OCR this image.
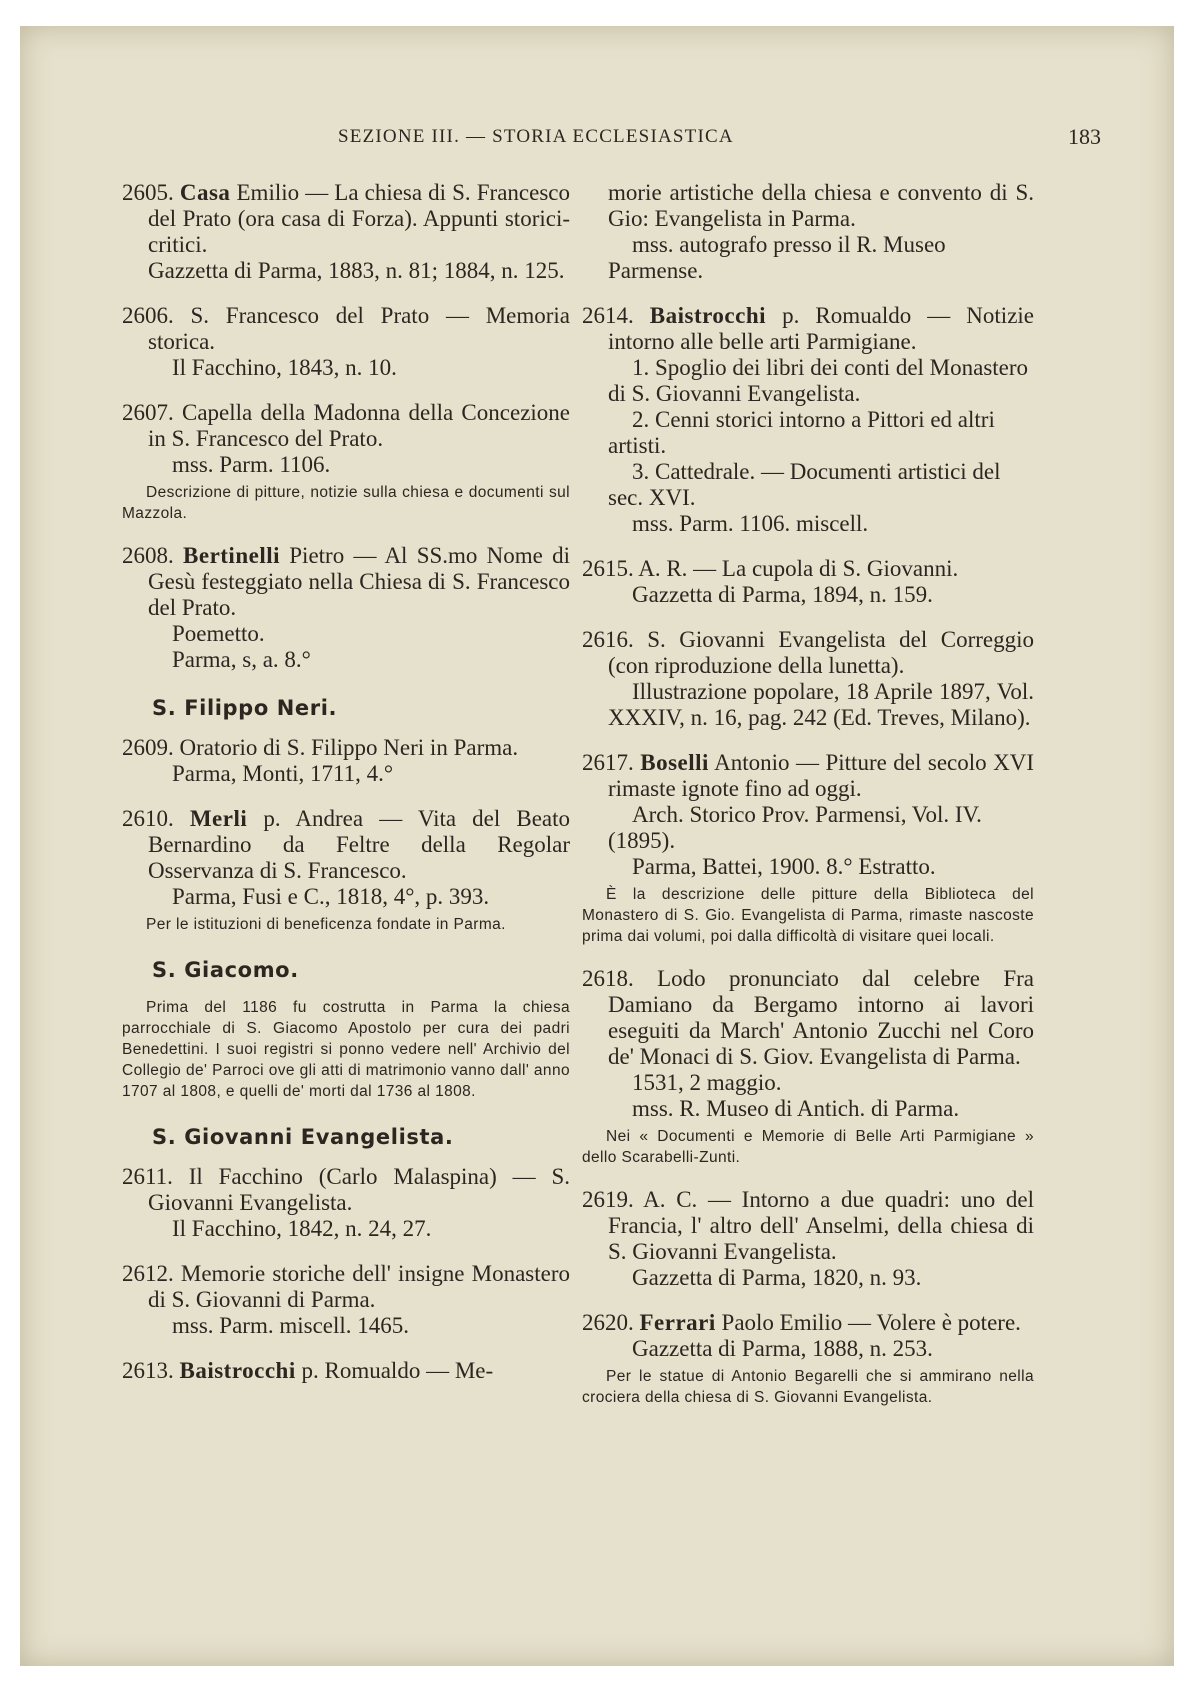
SEZIONE III. — STORIA ECCLESIASTICA	183
2605. Casa Emilio — La chiesa di S. Francesco del Prato (ora casa di Forza). Appunti storici-critici.
Gazzetta di Parma, 1883, n. 81; 1884, n. 125.
2606. S. Francesco del Prato — Memoria storica.
Il Facchino, 1843, n. 10.
2607. Capella della Madonna della Concezione in S. Francesco del Prato.
mss. Parm. 1106.
Descrizione di pitture, notizie sulla chiesa e documenti sul Mazzola.
2608. Bertinelli Pietro — Al SS.mo Nome di Gesù festeggiato nella Chiesa di S. Francesco del Prato.
Poemetto.
Parma, s, a. 8.°
S. Filippo Neri.
2609. Oratorio di S. Filippo Neri in Parma.
Parma, Monti, 1711, 4.°
2610. Merli p. Andrea — Vita del Beato Bernardino da Feltre della Regolar Osservanza di S. Francesco.
Parma, Fusi e C., 1818, 4°, p. 393.
Per le istituzioni di beneficenza fondate in Parma.
S. Giacomo.
Prima del 1186 fu costrutta in Parma la chiesa parrocchiale di S. Giacomo Apostolo per cura dei padri Benedettini. I suoi registri si ponno vedere nell' Archivio del Collegio de' Parroci ove gli atti di matrimonio vanno dall' anno 1707 al 1808, e quelli de' morti dal 1736 al 1808.
S. Giovanni Evangelista.
2611. Il Facchino (Carlo Malaspina) — S. Giovanni Evangelista.
Il Facchino, 1842, n. 24, 27.
2612. Memorie storiche dell' insigne Monastero di S. Giovanni di Parma.
mss. Parm. miscell. 1465.
2613. Baistrocchi p. Romualdo — Me-
morie artistiche della chiesa e convento di S. Gio: Evangelista in Parma.
mss. autografo presso il R. Museo Parmense.
2614. Baistrocchi p. Romualdo — Notizie intorno alle belle arti Parmigiane.
1. Spoglio dei libri dei conti del Monastero di S. Giovanni Evangelista.
2. Cenni storici intorno a Pittori ed altri artisti.
3. Cattedrale. — Documenti artistici del sec. XVI.
mss. Parm. 1106. miscell.
2615. A. R. — La cupola di S. Giovanni.
Gazzetta di Parma, 1894, n. 159.
2616. S. Giovanni Evangelista del Correggio (con riproduzione della lunetta).
Illustrazione popolare, 18 Aprile 1897, Vol. XXXIV, n. 16, pag. 242 (Ed. Treves, Milano).
2617. Boselli Antonio — Pitture del secolo XVI rimaste ignote fino ad oggi.
Arch. Storico Prov. Parmensi, Vol. IV. (1895).
Parma, Battei, 1900. 8.° Estratto.
È la descrizione delle pitture della Biblioteca del Monastero di S. Gio. Evangelista di Parma, rimaste nascoste prima dai volumi, poi dalla difficoltà di visitare quei locali.
2618. Lodo pronunciato dal celebre Fra Damiano da Bergamo intorno ai lavori eseguiti da March' Antonio Zucchi nel Coro de' Monaci di S. Giov. Evangelista di Parma.
1531, 2 maggio.
mss. R. Museo di Antich. di Parma.
Nei « Documenti e Memorie di Belle Arti Parmigiane » dello Scarabelli-Zunti.
2619. A. C. — Intorno a due quadri: uno del Francia, l' altro dell' Anselmi, della chiesa di S. Giovanni Evangelista.
Gazzetta di Parma, 1820, n. 93.
2620. Ferrari Paolo Emilio — Volere è potere.
Gazzetta di Parma, 1888, n. 253.
Per le statue di Antonio Begarelli che si ammirano nella crociera della chiesa di S. Giovanni Evangelista.
